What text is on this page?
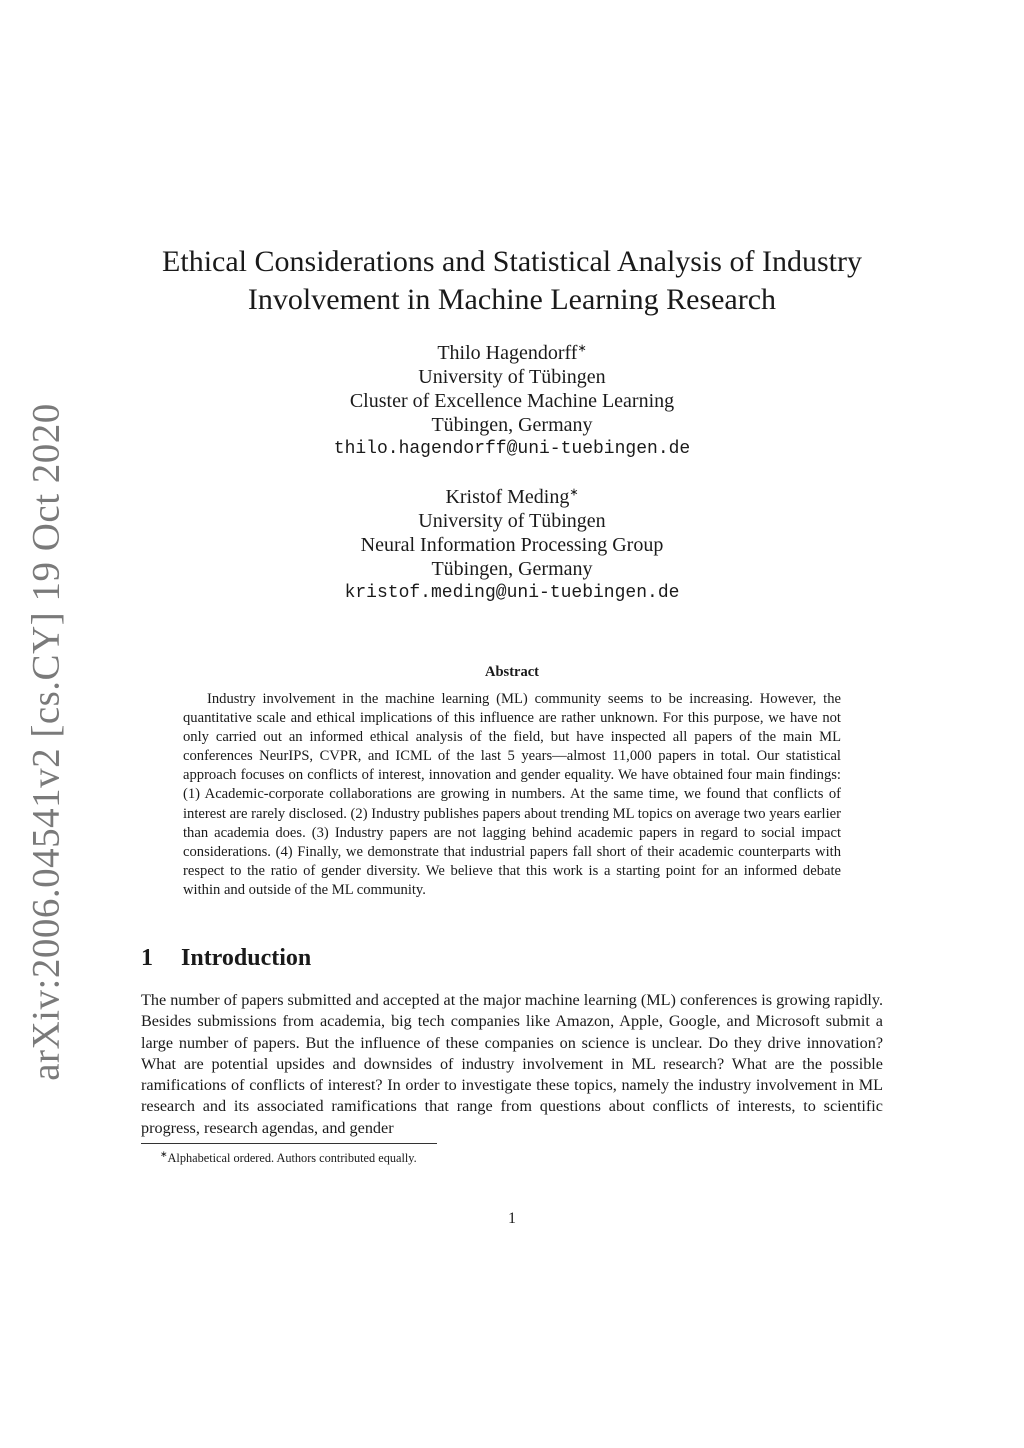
arXiv:2006.04541v2 [cs.CY] 19 Oct 2020
Ethical Considerations and Statistical Analysis of Industry
Involvement in Machine Learning Research
Thilo Hagendorff∗
University of Tübingen
Cluster of Excellence Machine Learning
Tübingen, Germany
thilo.hagendorff@uni-tuebingen.de
Kristof Meding∗
University of Tübingen
Neural Information Processing Group
Tübingen, Germany
kristof.meding@uni-tuebingen.de
Abstract

Industry involvement in the machine learning (ML) community seems to be increasing. However, the quantitative scale and ethical implications of this influence are rather unknown. For this purpose, we have not only carried out an informed ethical analysis of the field, but have inspected all papers of the main ML conferences NeurIPS, CVPR, and ICML of the last 5 years—almost 11,000 papers in total. Our statistical approach focuses on conflicts of interest, innovation and gender equality. We have obtained four main findings: (1) Academic-corporate collaborations are growing in numbers. At the same time, we found that conflicts of interest are rarely disclosed. (2) Industry publishes papers about trending ML topics on average two years earlier than academia does. (3) Industry papers are not lagging behind academic papers in regard to social impact considerations. (4) Finally, we demonstrate that industrial papers fall short of their academic counterparts with respect to the ratio of gender diversity. We believe that this work is a starting point for an informed debate within and outside of the ML community.

1 Introduction

The number of papers submitted and accepted at the major machine learning (ML) conferences is growing rapidly. Besides submissions from academia, big tech companies like Amazon, Apple, Google, and Microsoft submit a large number of papers. But the influence of these companies on science is unclear. Do they drive innovation? What are potential upsides and downsides of industry involvement in ML research? What are the possible ramifications of conflicts of interest? In order to investigate these topics, namely the industry involvement in ML research and its associated ramifications that range from questions about conflicts of interests, to scientific progress, research agendas, and gender

∗Alphabetical ordered. Authors contributed equally.
1
